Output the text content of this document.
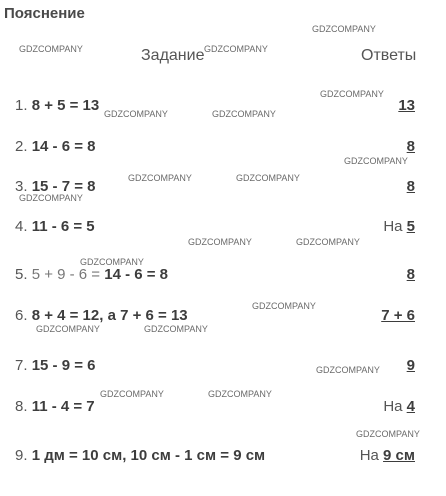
Пояснение
Задание	Ответы
1. 8 + 5 = 13	13
2. 14 - 6 = 8	8
3. 15 - 7 = 8	8
4. 11 - 6 = 5	На 5
5. 5 + 9 - 6 = 14 - 6 = 8	8
6. 8 + 4 = 12, а 7 + 6 = 13	7 + 6
7. 15 - 9 = 6	9
8. 11 - 4 = 7	На 4
9. 1 дм = 10 см, 10 см - 1 см = 9 см	На 9 см
GDZCOMPANY
GDZCOMPANY	GDZCOMPANY
GDZCOMPANY
GDZCOMPANY	GDZCOMPANY
GDZCOMPANY
GDZCOMPANY	GDZCOMPANY
GDZCOMPANY
GDZCOMPANY	GDZCOMPANY
GDZCOMPANY
GDZCOMPANY
GDZCOMPANY	GDZCOMPANY
GDZCOMPANY
GDZCOMPANY	GDZCOMPANY
GDZCOMPANY
